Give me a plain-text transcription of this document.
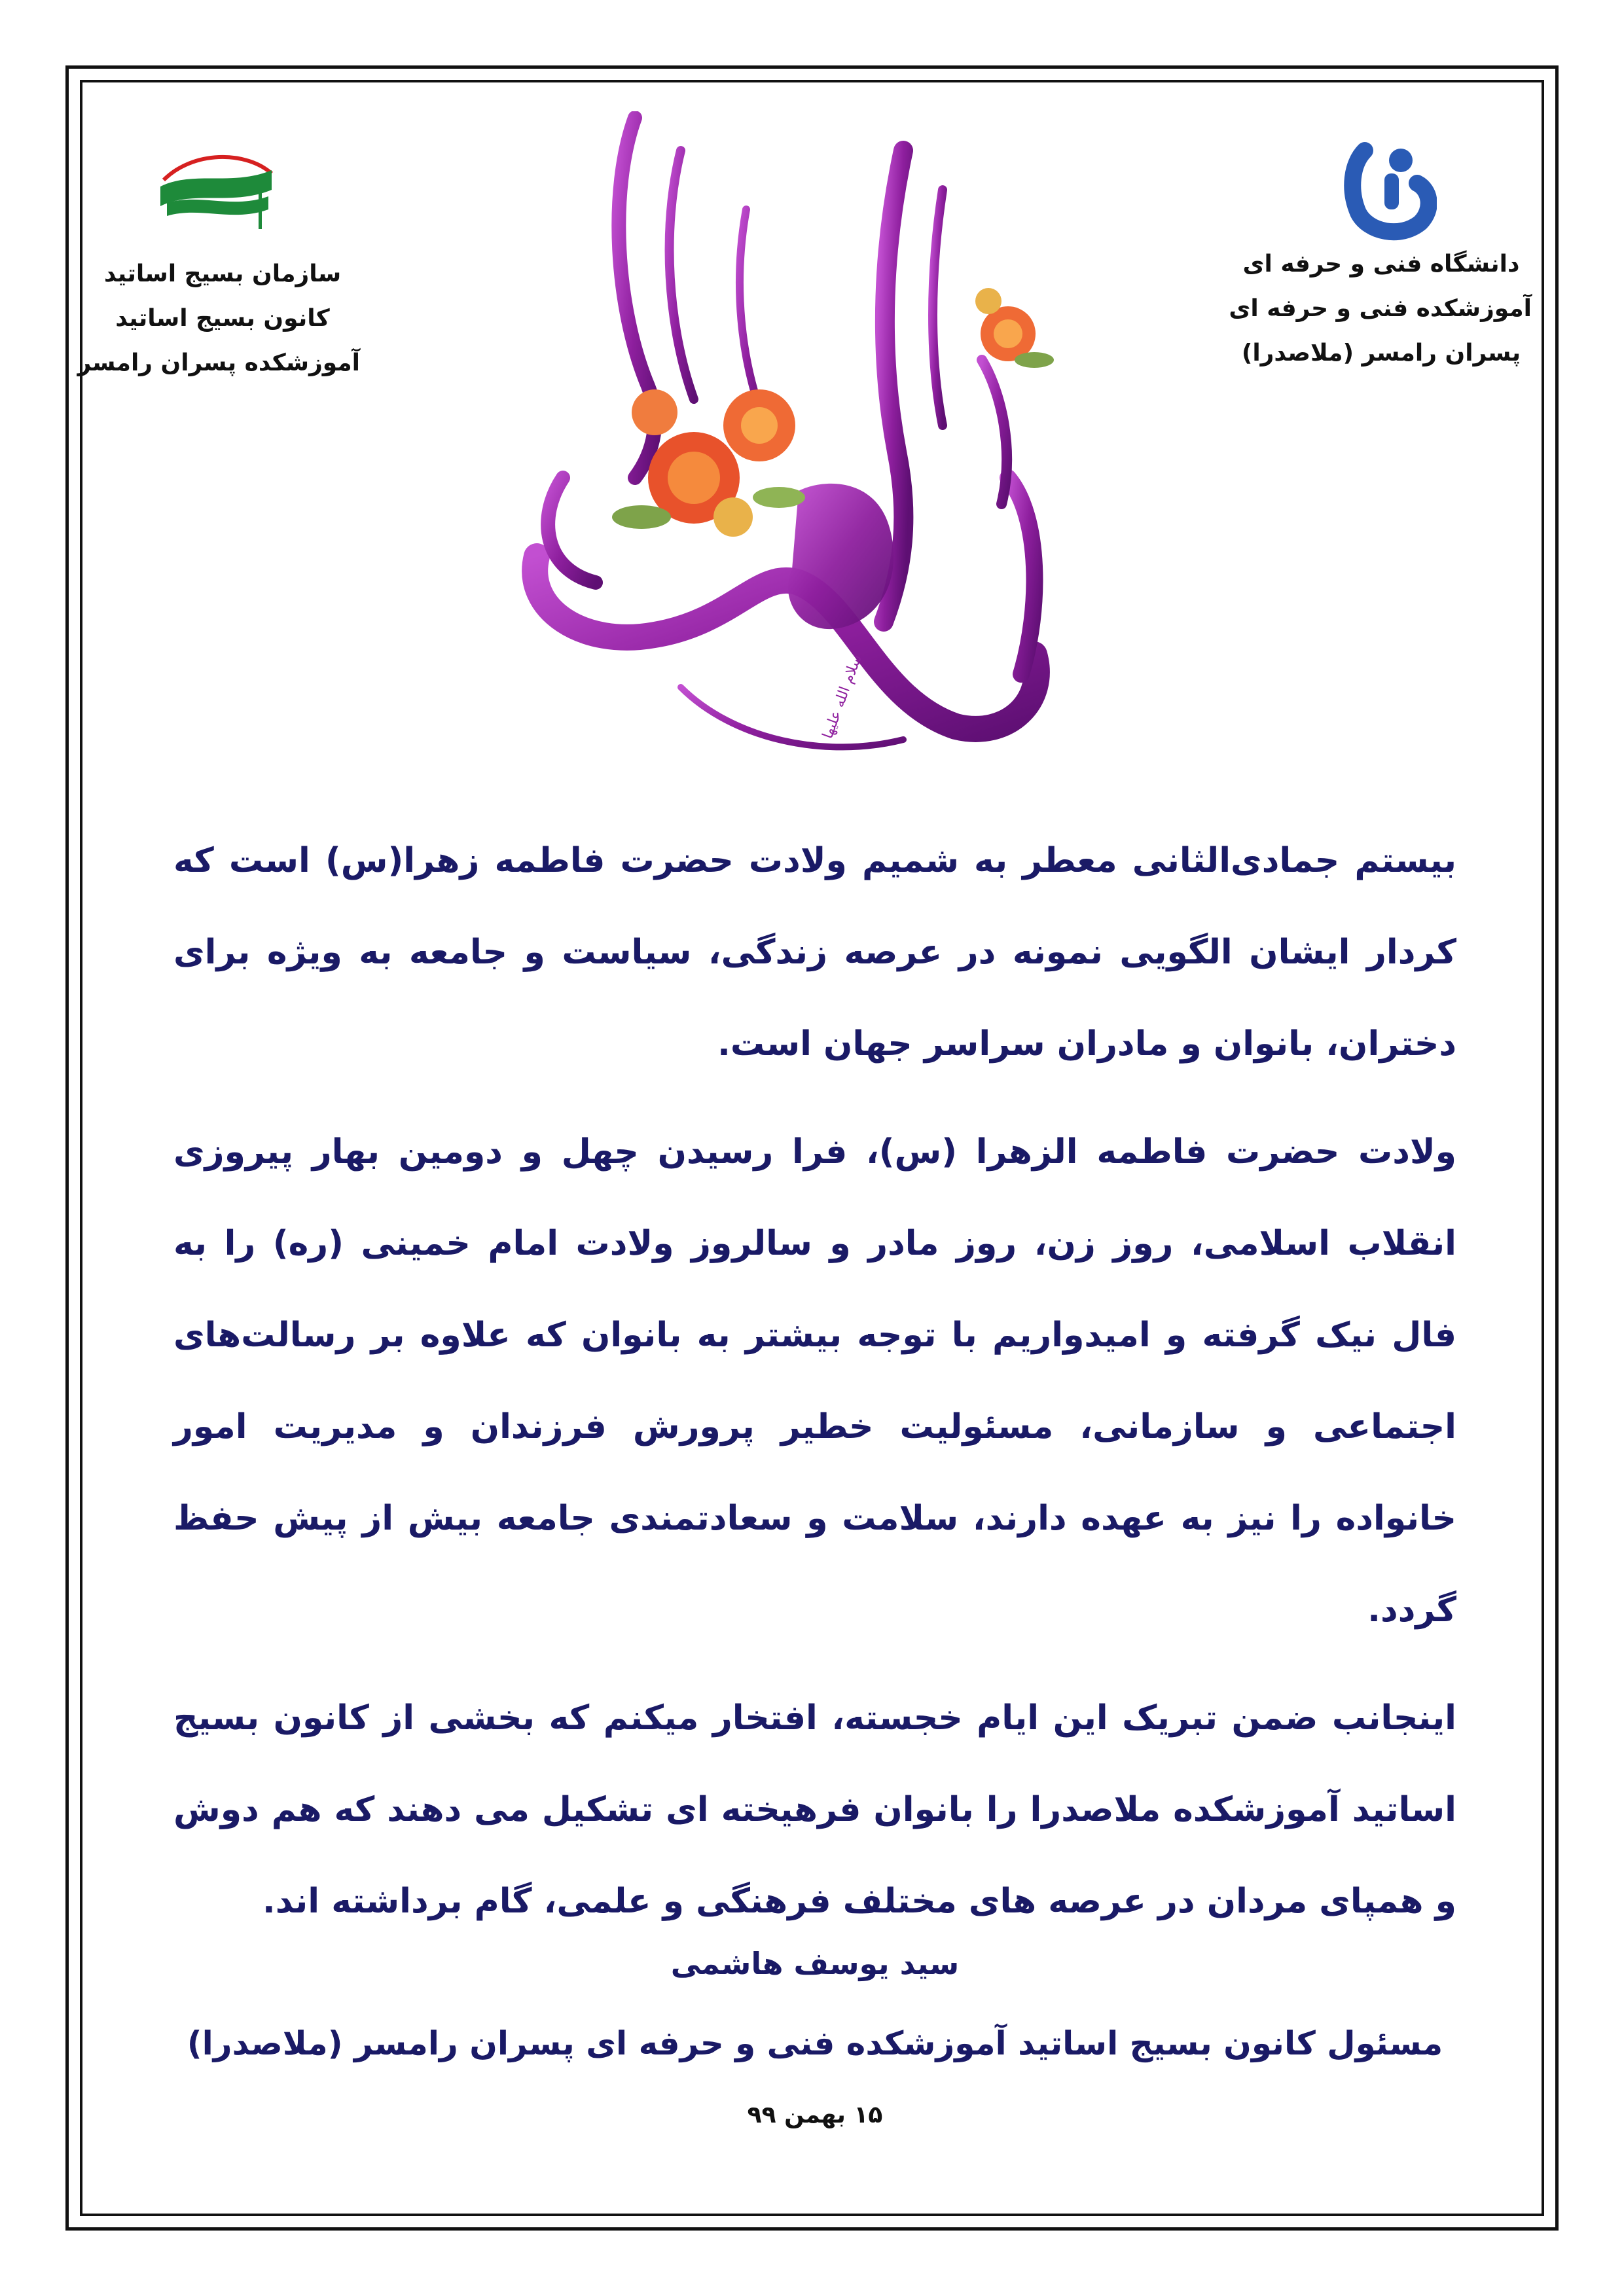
دانشگاه فنی و حرفه ای
آموزشکده فنی و حرفه ای
پسران رامسر (ملاصدرا)
سازمان بسیج اساتید
کانون بسیج اساتید
آموزشکده پسران رامسر
سلام الله علیها

بیستم جمادی‌الثانی معطر به شمیم ولادت حضرت فاطمه زهرا(س) است که کردار ایشان الگویی نمونه در عرصه زندگی، سیاست و جامعه به ویژه برای دختران، بانوان و مادران سراسر جهان است.

ولادت حضرت فاطمه الزهرا (س)، فرا رسیدن چهل و دومین بهار پیروزی انقلاب اسلامی، روز زن، روز مادر و سالروز ولادت امام خمینی (ره) را به فال نیک گرفته و امیدواریم با توجه بیشتر به بانوان که علاوه بر رسالت‌های اجتماعی و سازمانی، مسئولیت خطیر پرورش فرزندان و مدیریت امور خانواده را نیز به عهده دارند، سلامت و سعادتمندی جامعه بیش از پیش حفظ گردد.

اینجانب ضمن تبریک این ایام خجسته، افتخار میکنم که بخشی از کانون بسیج اساتید آموزشکده ملاصدرا را بانوان فرهیخته ای تشکیل می دهند که هم دوش و همپای مردان در عرصه های مختلف فرهنگی و علمی، گام برداشته اند.

سید یوسف هاشمی
مسئول کانون بسیج اساتید آموزشکده فنی و حرفه ای پسران رامسر (ملاصدرا)
۱۵ بهمن ۹۹
